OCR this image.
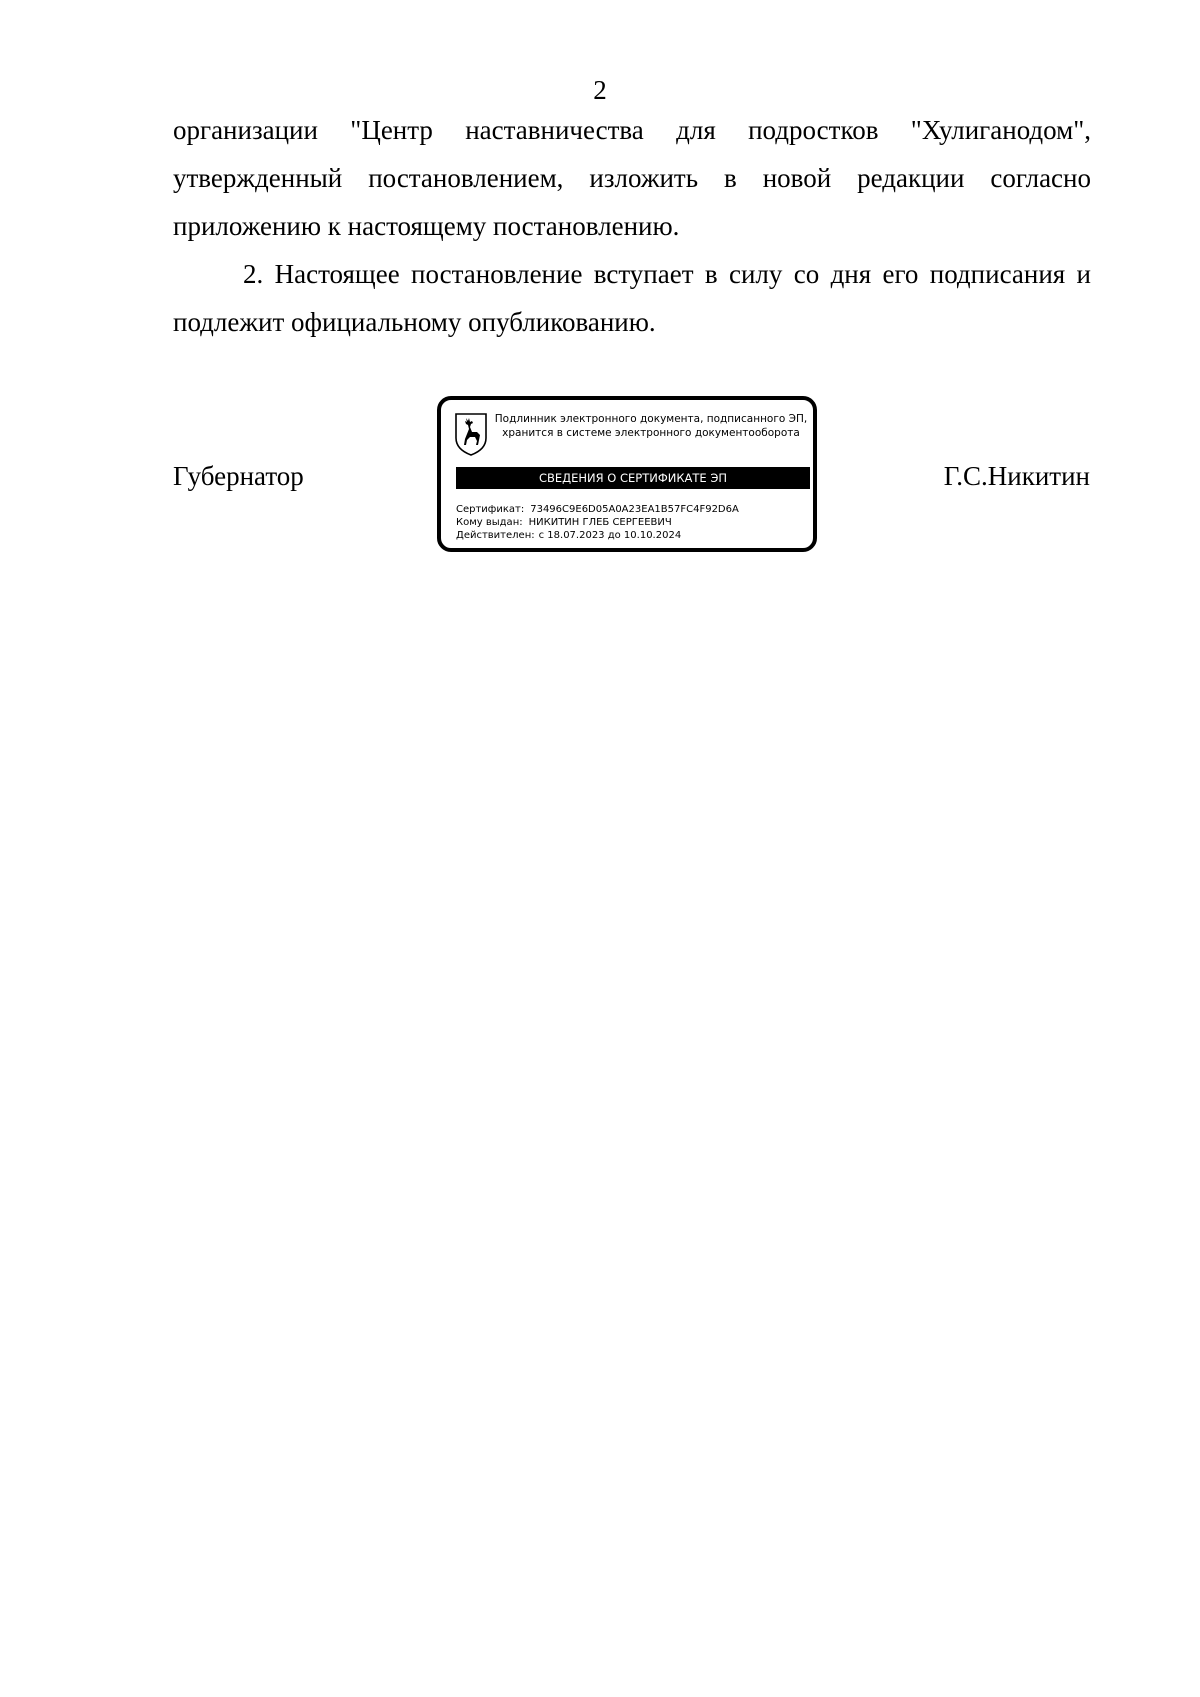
2

организации "Центр наставничества для подростков "Хулиганодом", утвержденный постановлением, изложить в новой редакции согласно приложению к настоящему постановлению.

2. Настоящее постановление вступает в силу со дня его подписания и подлежит официальному опубликованию.

Губернатор
Подлинник электронного документа, подписанного ЭП,
хранится в системе электронного документооборота
СВЕДЕНИЯ О СЕРТИФИКАТЕ ЭП
Сертификат: 73496C9E6D05A0A23EA1B57FC4F92D6A
Кому выдан: НИКИТИН ГЛЕБ СЕРГЕЕВИЧ
Действителен: с 18.07.2023 до 10.10.2024
Г.С.Никитин
